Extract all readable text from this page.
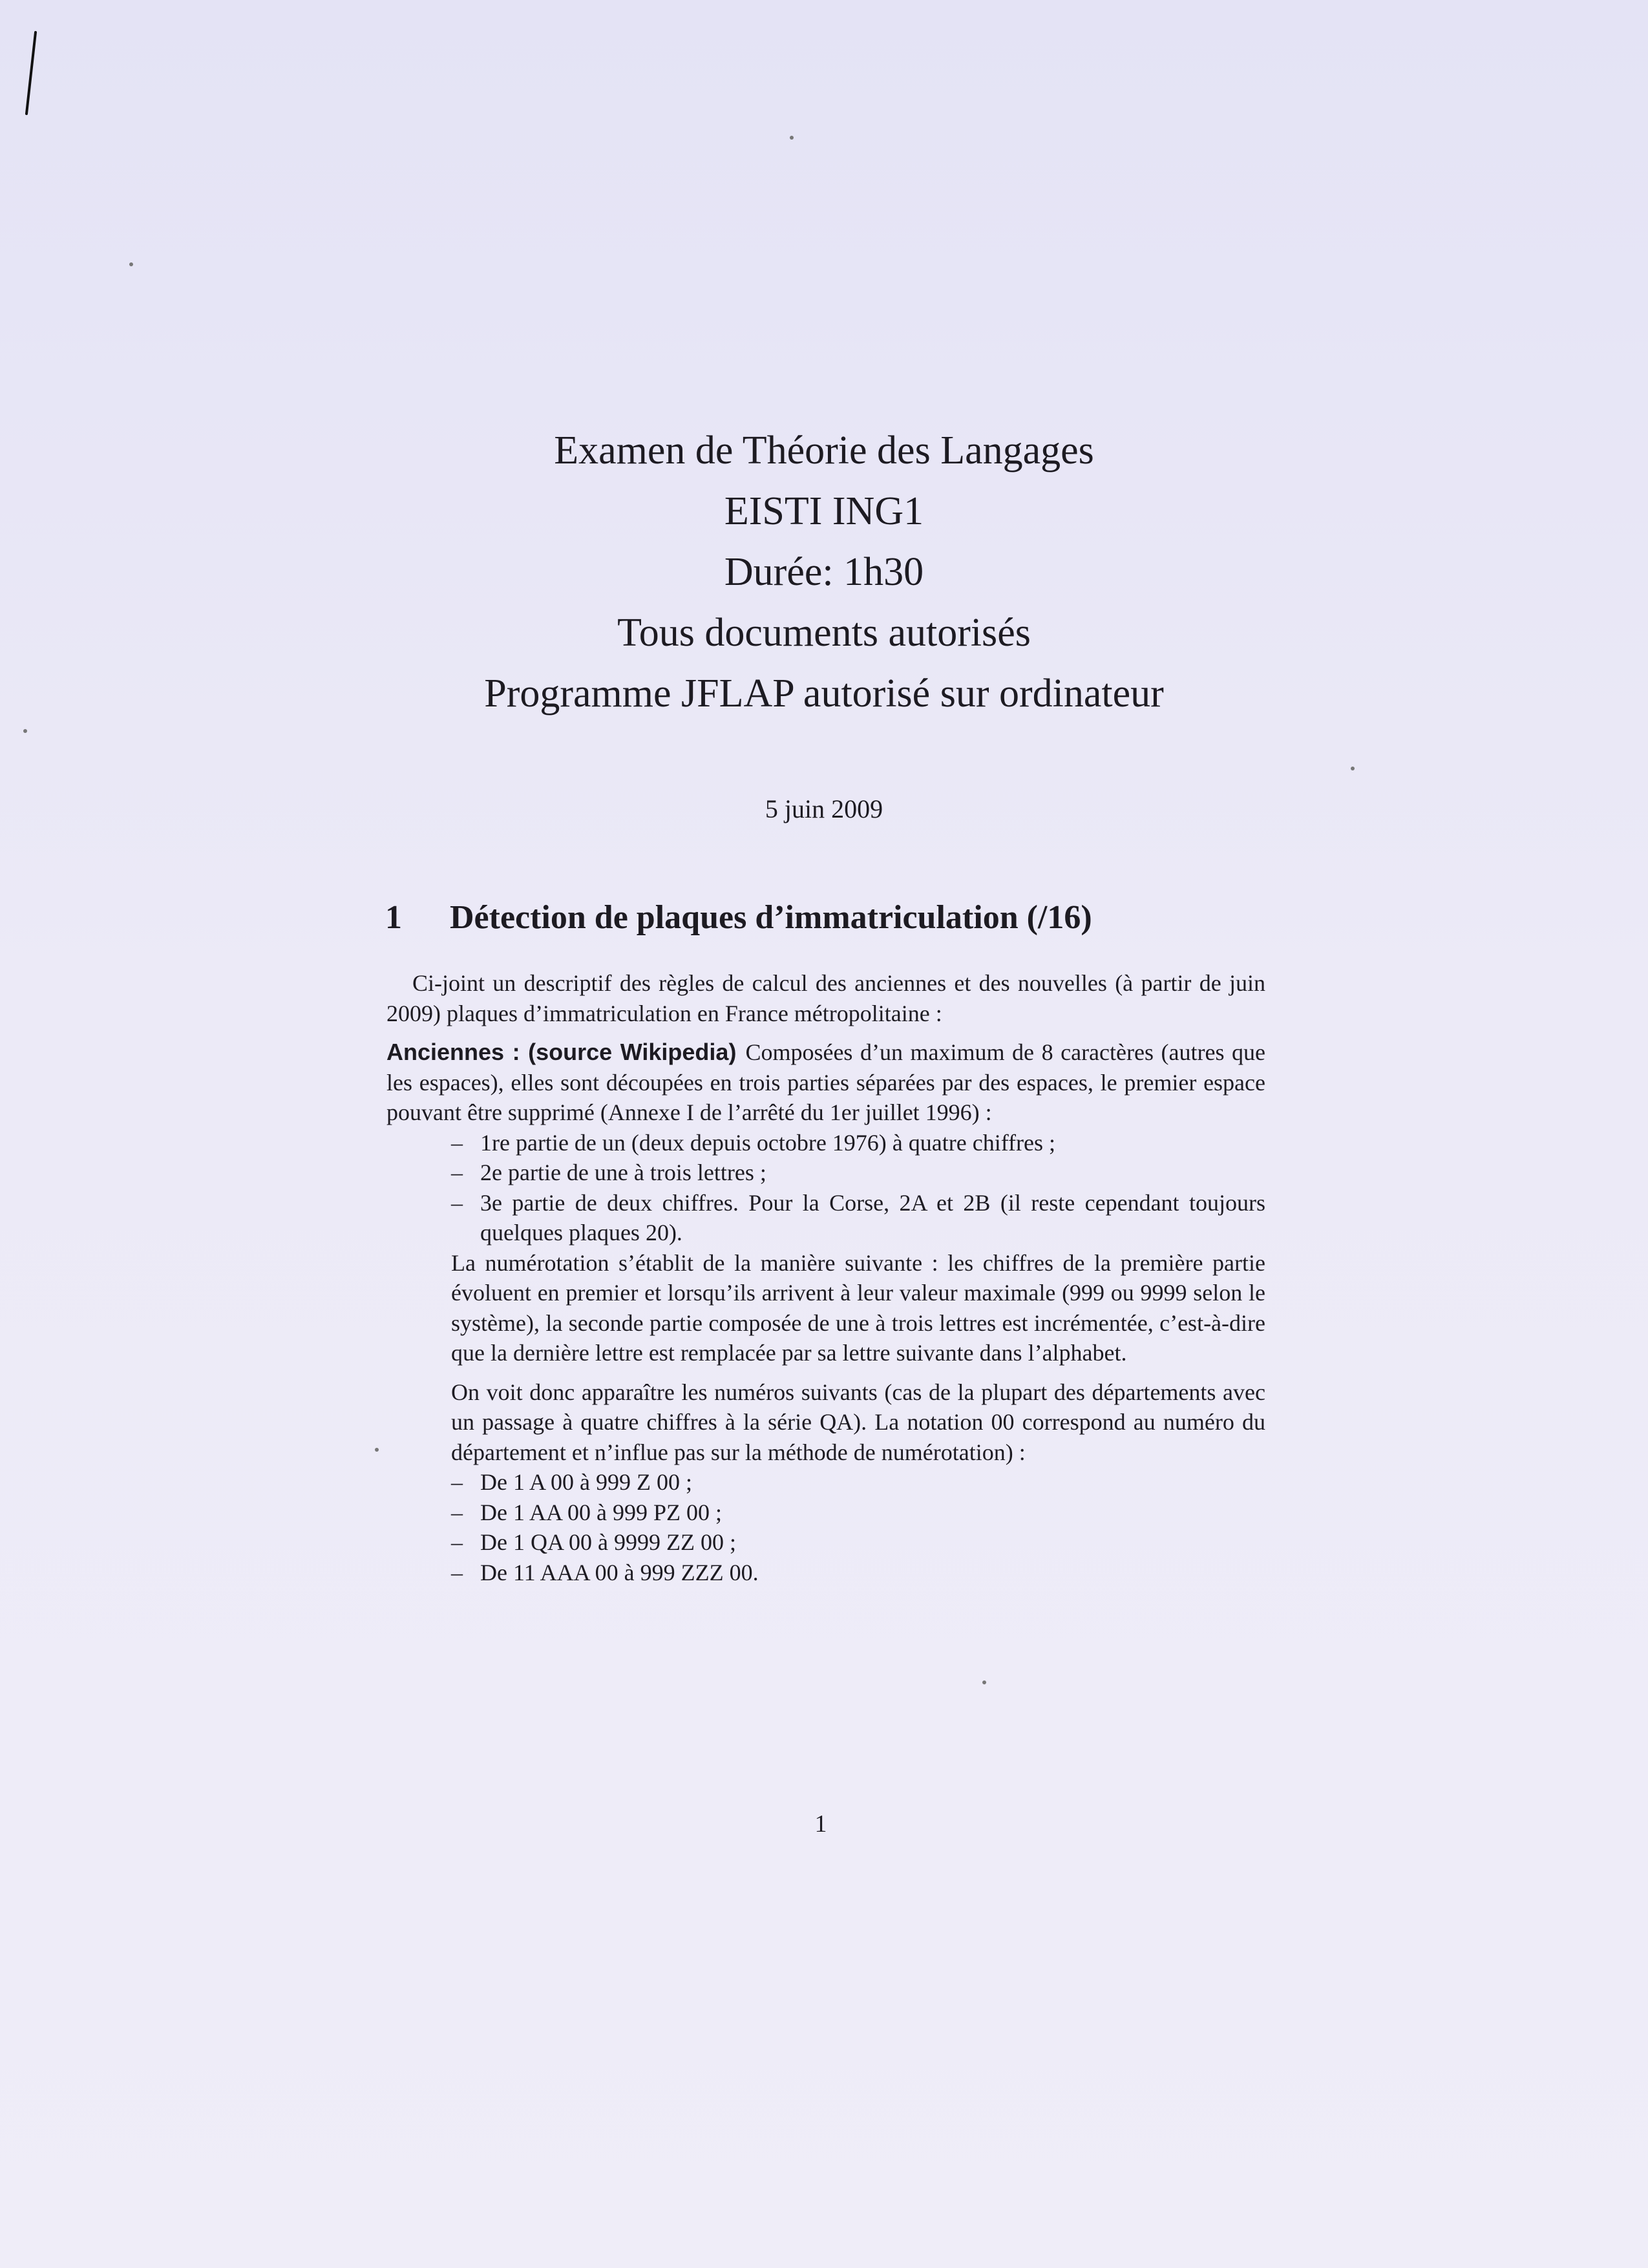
Examen de Théorie des Langages
EISTI ING1
Durée: 1h30
Tous documents autorisés
Programme JFLAP autorisé sur ordinateur
5 juin 2009
1 Détection de plaques d’immatriculation (/16)

Ci-joint un descriptif des règles de calcul des anciennes et des nouvelles (à partir de juin 2009) plaques d’immatriculation en France métropolitaine :

Anciennes : (source Wikipedia) Composées d’un maximum de 8 caractères (autres que les espaces), elles sont découpées en trois parties séparées par des espaces, le premier espace pouvant être supprimé (Annexe I de l’arrêté du 1er juillet 1996) :

– 1re partie de un (deux depuis octobre 1976) à quatre chiffres ;
– 2e partie de une à trois lettres ;
– 3e partie de deux chiffres. Pour la Corse, 2A et 2B (il reste cependant toujours quelques plaques 20).

La numérotation s’établit de la manière suivante : les chiffres de la première partie évoluent en premier et lorsqu’ils arrivent à leur valeur maximale (999 ou 9999 selon le système), la seconde partie composée de une à trois lettres est incrémentée, c’est-à-dire que la dernière lettre est remplacée par sa lettre suivante dans l’alphabet.

On voit donc apparaître les numéros suivants (cas de la plupart des départements avec un passage à quatre chiffres à la série QA). La notation 00 correspond au numéro du département et n’influe pas sur la méthode de numérotation) :

– De 1 A 00 à 999 Z 00 ;
– De 1 AA 00 à 999 PZ 00 ;
– De 1 QA 00 à 9999 ZZ 00 ;
– De 11 AAA 00 à 999 ZZZ 00.
1
